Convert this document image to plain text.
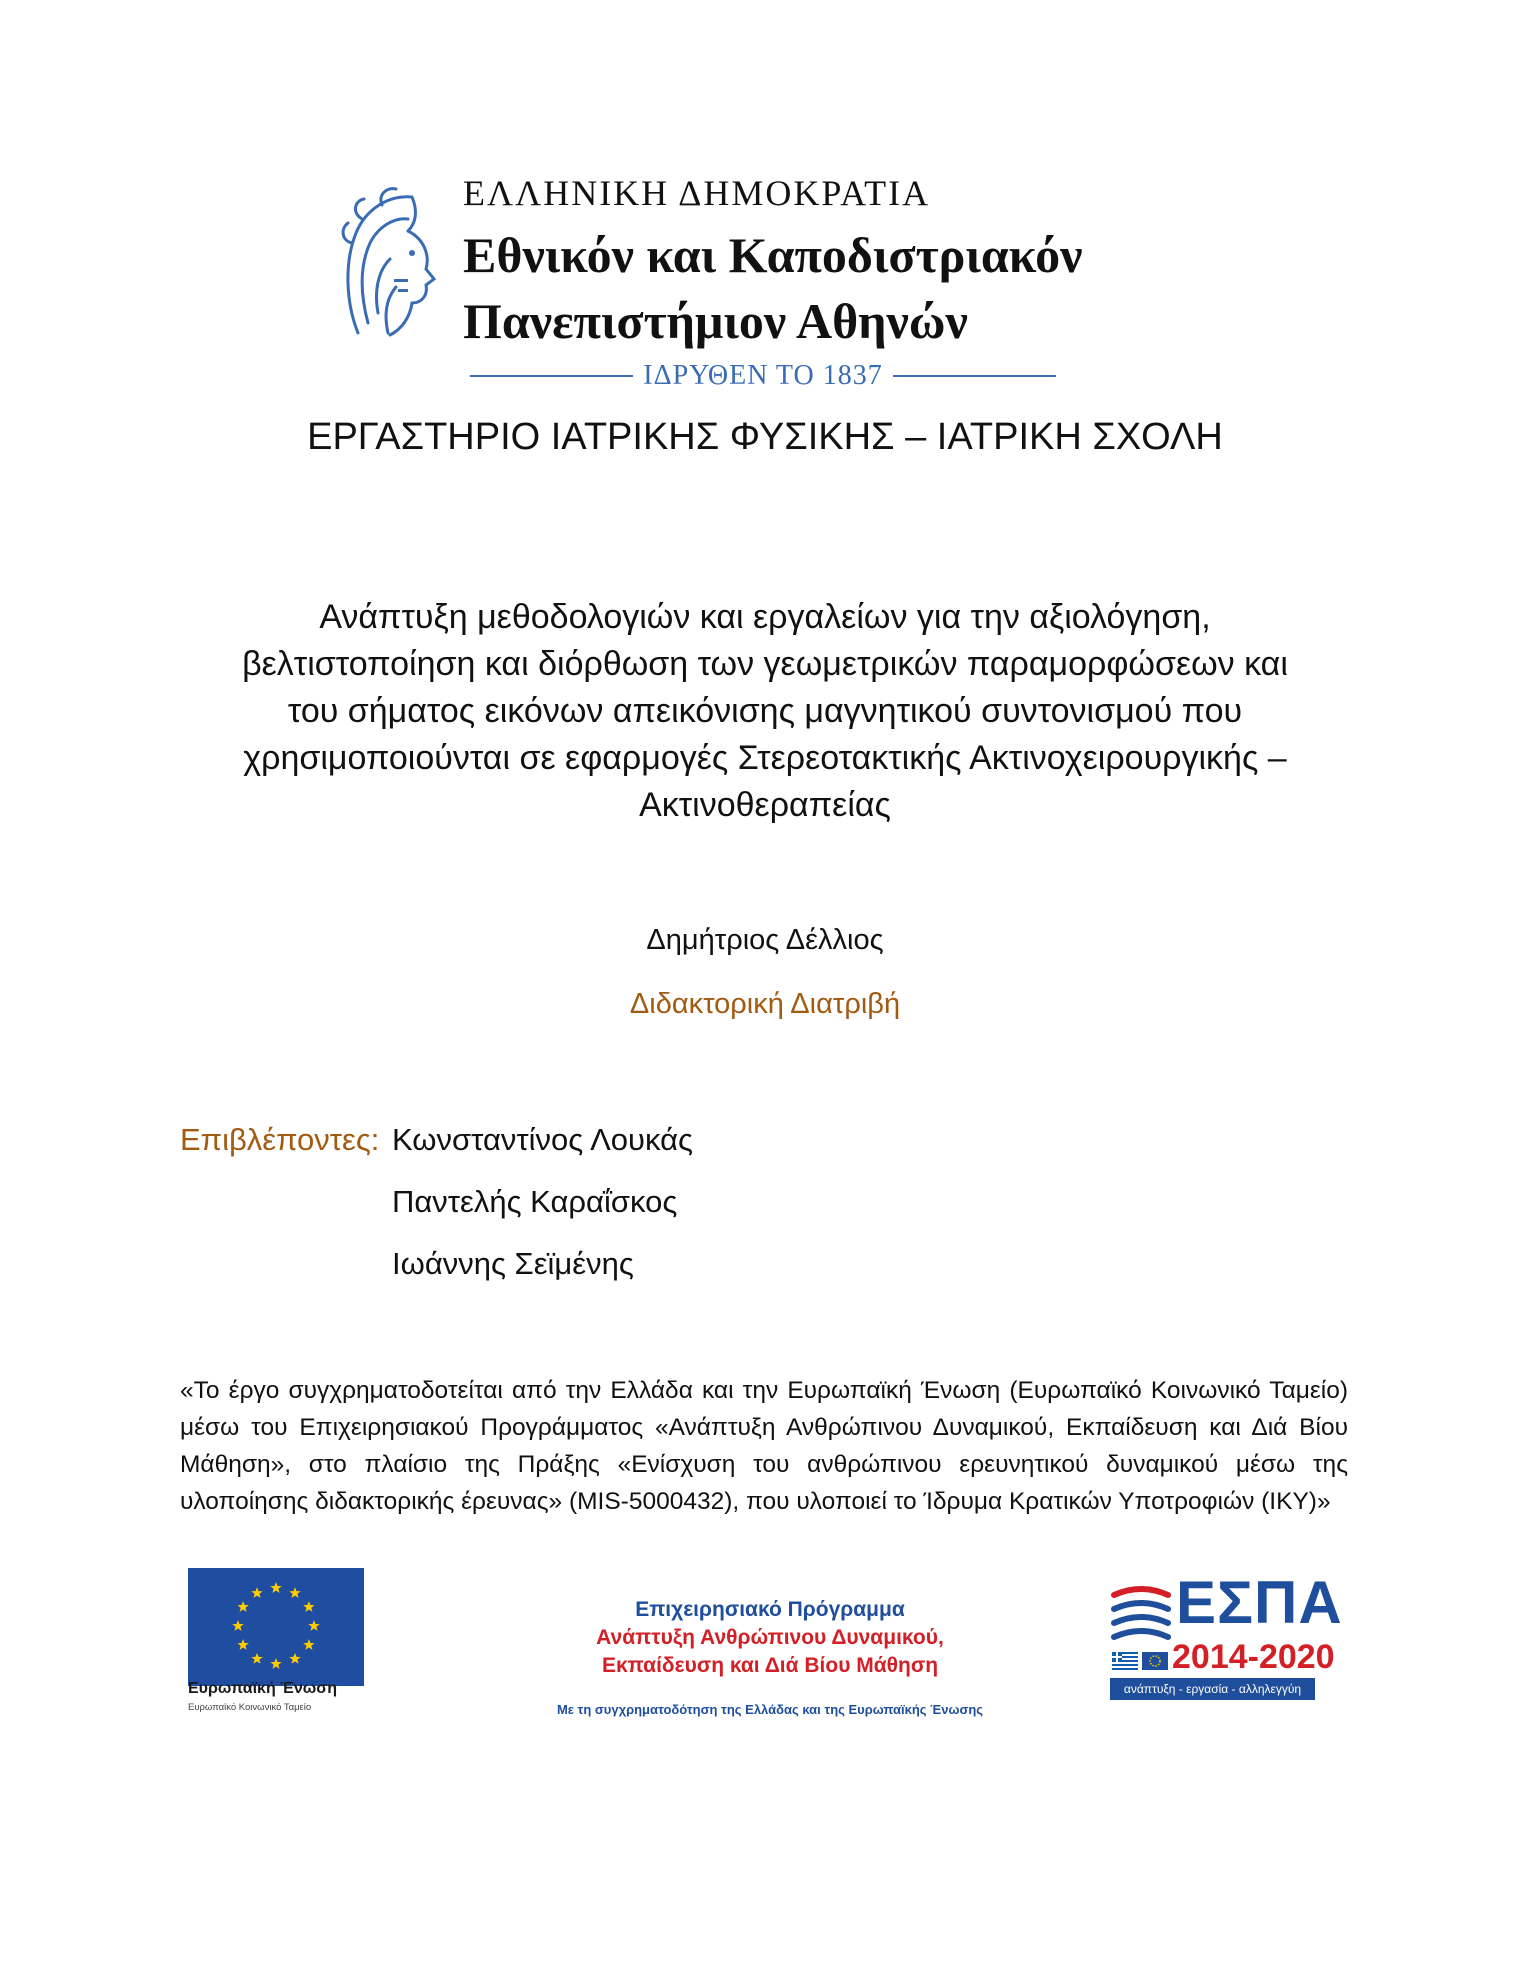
ΕΛΛΗΝΙΚΗ ΔΗΜΟΚΡΑΤΙΑ
Εθνικόν και Καποδιστριακόν
Πανεπιστήμιον Αθηνών
ΙΔΡΥΘΕΝ ΤΟ 1837
ΕΡΓΑΣΤΗΡΙΟ ΙΑΤΡΙΚΗΣ ΦΥΣΙΚΗΣ – ΙΑΤΡΙΚΗ ΣΧΟΛΗ
Ανάπτυξη μεθοδολογιών και εργαλείων για την αξιολόγηση,
βελτιστοποίηση και διόρθωση των γεωμετρικών παραμορφώσεων και
του σήματος εικόνων απεικόνισης μαγνητικού συντονισμού που
χρησιμοποιούνται σε εφαρμογές Στερεοτακτικής Ακτινοχειρουργικής –
Ακτινοθεραπείας
Δημήτριος Δέλλιος
Διδακτορική Διατριβή
Επιβλέποντες: Κωνσταντίνος Λουκάς
Παντελής Καραΐσκος
Ιωάννης Σεϊμένης
«Το έργο συγχρηματοδοτείται από την Ελλάδα και την Ευρωπαϊκή Ένωση (Ευρωπαϊκό Κοινωνικό Ταμείο) μέσω του Επιχειρησιακού Προγράμματος «Ανάπτυξη Ανθρώπινου Δυναμικού, Εκπαίδευση και Διά Βίου Μάθηση», στο πλαίσιο της Πράξης «Ενίσχυση του ανθρώπινου ερευνητικού δυναμικού μέσω της υλοποίησης διδακτορικής έρευνας» (MIS-5000432), που υλοποιεί το Ίδρυμα Κρατικών Υποτροφιών (ΙΚΥ)»
Ευρωπαϊκή Ένωση
Ευρωπαϊκό Κοινωνικό Ταμείο
Επιχειρησιακό Πρόγραμμα
Ανάπτυξη Ανθρώπινου Δυναμικού,
Εκπαίδευση και Διά Βίου Μάθηση
Με τη συγχρηματοδότηση της Ελλάδας και της Ευρωπαϊκής Ένωσης
ΕΣΠΑ
2014-2020
ανάπτυξη - εργασία - αλληλεγγύη
